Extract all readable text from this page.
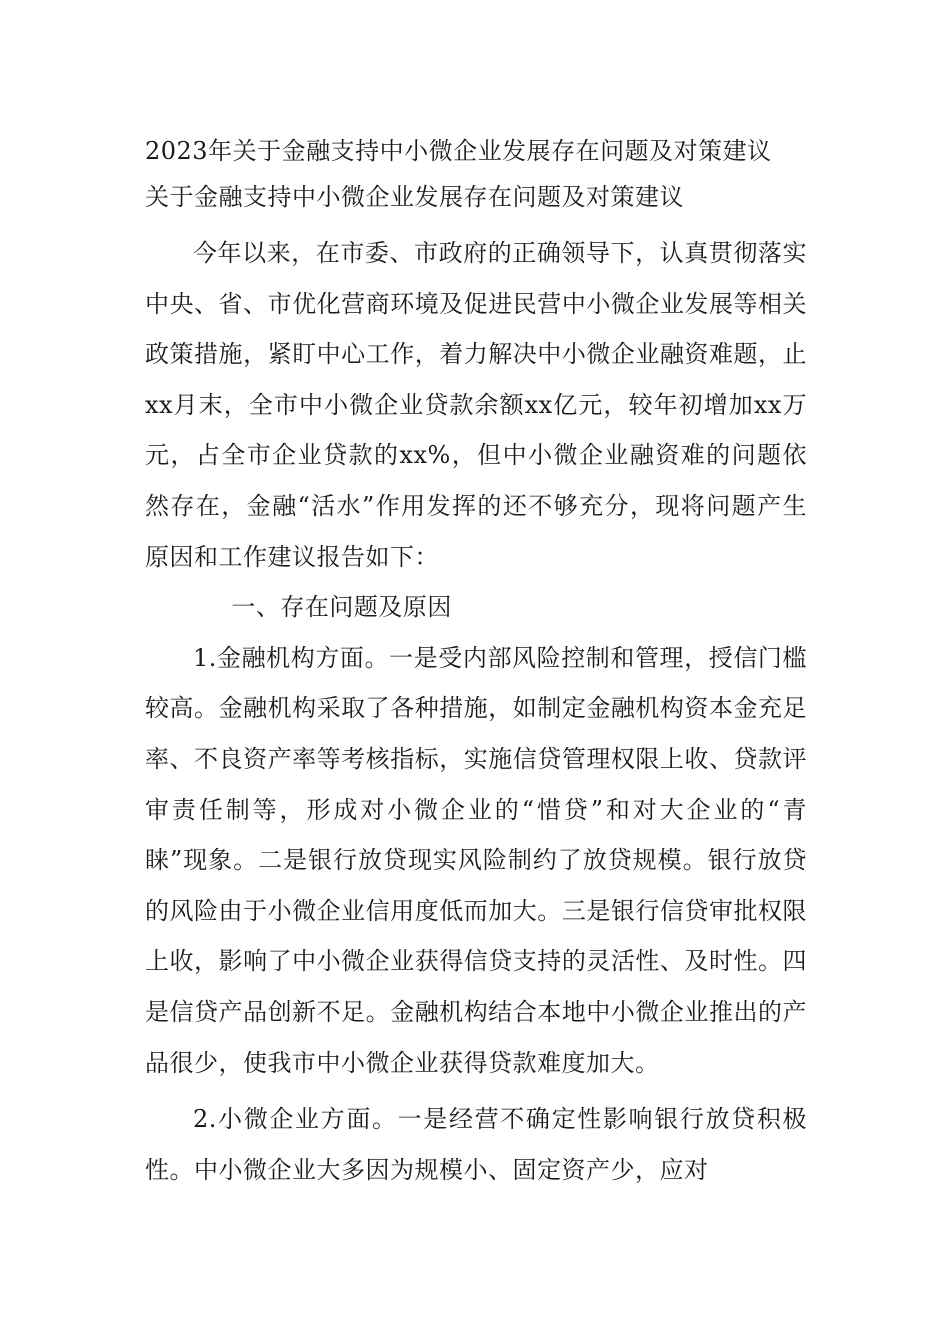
2023年关于金融支持中小微企业发展存在问题及对策建议
关于金融支持中小微企业发展存在问题及对策建议

今年以来，在市委、市政府的正确领导下，认真贯彻落实中央、省、市优化营商环境及促进民营中小微企业发展等相关政策措施，紧盯中心工作，着力解决中小微企业融资难题，止xx月末，全市中小微企业贷款余额xx亿元，较年初增加xx万元，占全市企业贷款的xx%，但中小微企业融资难的问题依然存在，金融“活水”作用发挥的还不够充分，现将问题产生原因和工作建议报告如下：

一、存在问题及原因

1.金融机构方面。一是受内部风险控制和管理，授信门槛较高。金融机构采取了各种措施，如制定金融机构资本金充足率、不良资产率等考核指标，实施信贷管理权限上收、贷款评审责任制等，形成对小微企业的“惜贷”和对大企业的“青睐”现象。二是银行放贷现实风险制约了放贷规模。银行放贷的风险由于小微企业信用度低而加大。三是银行信贷审批权限上收，影响了中小微企业获得信贷支持的灵活性、及时性。四是信贷产品创新不足。金融机构结合本地中小微企业推出的产品很少，使我市中小微企业获得贷款难度加大。

2.小微企业方面。一是经营不确定性影响银行放贷积极性。中小微企业大多因为规模小、固定资产少，应对
